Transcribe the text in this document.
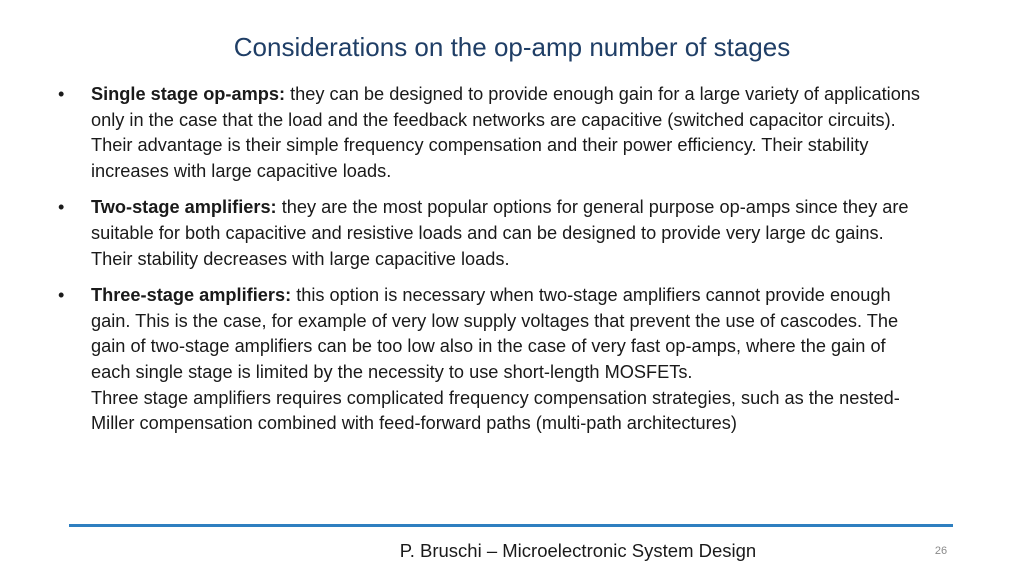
Considerations on the op-amp number of stages
•	Single stage op-amps: they can be designed to provide enough gain for a large variety of applications only in the case that the load and the feedback networks are capacitive (switched capacitor circuits). Their advantage is their simple frequency compensation and their power efficiency. Their stability increases with large capacitive loads.
•	Two-stage amplifiers: they are the most popular options for general purpose op-amps since they are suitable for both capacitive and resistive loads and can be designed to provide very large dc gains. Their stability decreases with large capacitive loads.
•	Three-stage amplifiers: this option is necessary when two-stage amplifiers cannot provide enough gain. This is the case, for example of very low supply voltages that prevent the use of cascodes. The gain of two-stage amplifiers can be too low also in the case of very fast op-amps, where the gain of each single stage is limited by the necessity to use short-length MOSFETs.
Three stage amplifiers requires complicated frequency compensation strategies, such as the nested-Miller compensation combined with feed-forward paths (multi-path architectures)
P. Bruschi – Microelectronic System Design	26
